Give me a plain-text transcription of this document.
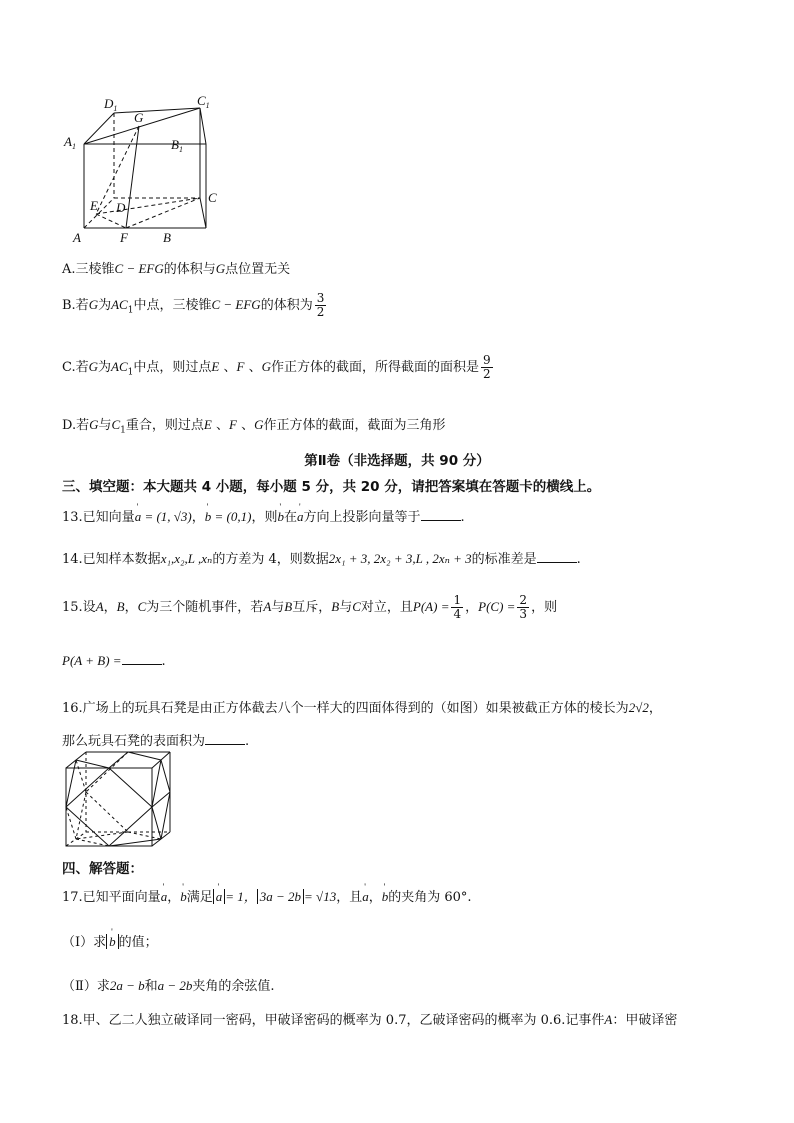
$D_1$
$C_1$
$A_1$	$B_1$
G
E D
C
A	F	B
A.三棱锥C − EFG的体积与G点位置无关
B.若G为$AC_1$中点，三棱锥C − EFG的体积为 $\frac{3}{2}$
C.若G为$AC_1$中点，则过点E 、F 、G作正方体的截面，所得截面的面积是 $\frac{9}{2}$
D.若G与$C_1$重合，则过点E 、F 、G作正方体的截面，截面为三角形
第Ⅱ卷（非选择题，共 90 分）
三、填空题：本大题共 4 小题，每小题 5 分，共 20 分，请把答案填在答题卡的横线上。
13.已知向量' a = (1, √3)，' b = (0,1)，则' b在' a方向上投影向量等于	.
14.已知样本数据x₁,x₂,L ,xₙ的方差为 4，则数据2x₁ + 3, 2x₂ + 3,L , 2xₙ + 3的标准差是	.
15.设A，B，C为三个随机事件，若A与B互斥，B与C对立，且$P(A) = \frac{1}{4}$ ，$P(C) = \frac{2}{3}$ ，则
P(A + B) =	.
16.广场上的玩具石凳是由正方体截去八个一样大的四面体得到的（如图）如果被截正方体的棱长为2√2，
那么玩具石凳的表面积为	.
四、解答题：
17.已知平面向量' a，' b满足 ' a = 1， 3a − 2b = √13，且' a，' b的夹角为 60°.
（Ⅰ）求 ' b 的值；
（Ⅱ）求2a − b和a − 2b夹角的余弦值.
18.甲、乙二人独立破译同一密码，甲破译密码的概率为 0.7，乙破译密码的概率为 0.6.记事件A：甲破译密
